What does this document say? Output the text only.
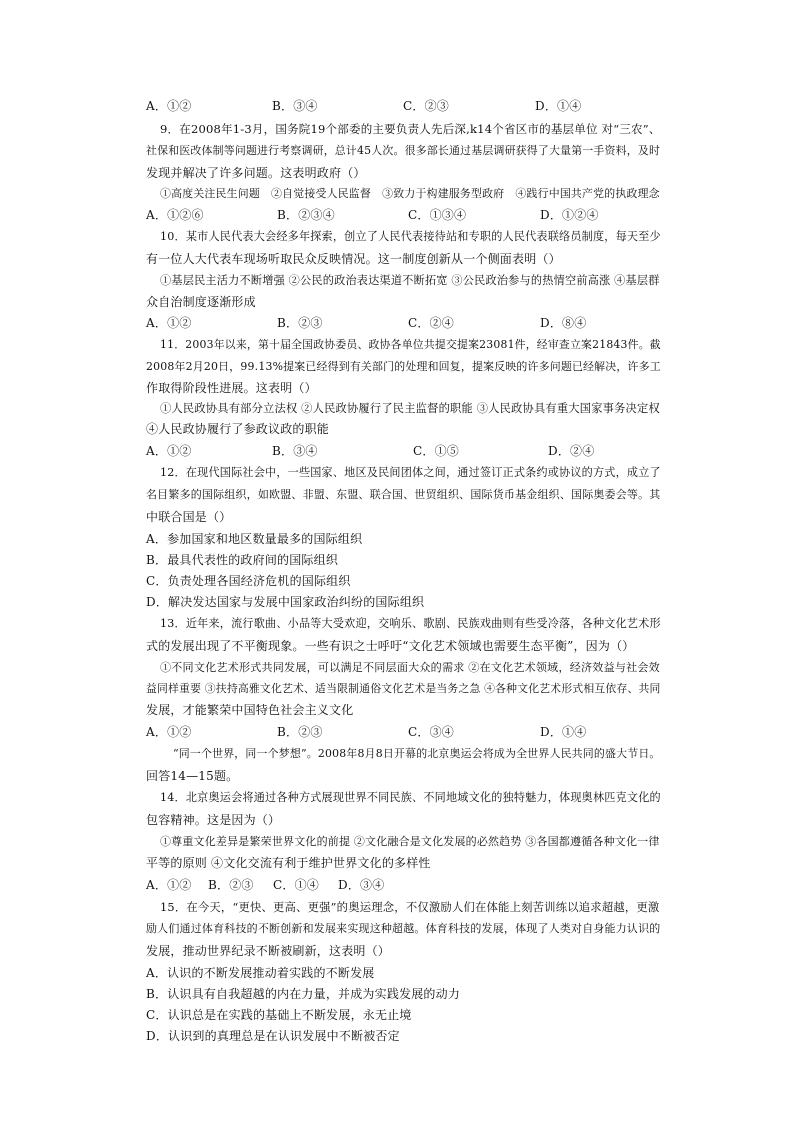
A．①②	B．③④	C．②③	D．①④
9．在2008年1-3月，国务院19个部委的主要负责人先后深,k14个省区市的基层单位 对“三农”、
社保和医改体制等问题进行考察调研，总计45人次。很多部长通过基层调研获得了大量第一手资料，及时
发现并解决了许多问题。这表明政府（）
①高度关注民生问题　②自觉接受人民监督　③致力于构建服务型政府　④践行中国共产党的执政理念
A．①②⑥	B．②③④	C．①③④	D．①②④
10．某市人民代表大会经多年探索，创立了人民代表接待站和专职的人民代表联络员制度，每天至少
有一位人大代表车现场听取民众反映情况。这一制度创新从一个侧面表明（）
①基层民主活力不断增强 ②公民的政治表达渠道不断拓宽 ③公民政治参与的热情空前高涨 ④基层群
众自治制度逐渐形成
A．①②	B．②③	C．②④	D．⑧④
11．2003年以来，第十届全国政协委员、政协各单位共提交提案23081件，经审查立案21843件。截
2008年2月20日，99.13%提案已经得到有关部门的处理和回复，提案反映的许多问题已经解决，许多工
作取得阶段性进展。这表明（）
①人民政协具有部分立法权 ②人民政协履行了民主监督的职能 ③人民政协具有重大国家事务决定权
④人民政协履行了参政议政的职能
A．①②	B．③④	C．①⑤	D．②④
12．在现代国际社会中，一些国家、地区及民间团体之间，通过签订正式条约或协议的方式，成立了
名目繁多的国际组织，如欧盟、非盟、东盟、联合国、世贸组织、国际货币基金组织、国际奥委会等。其
中联合国是（）
A．参加国家和地区数量最多的国际组织
B．最具代表性的政府间的国际组织
C．负责处理各国经济危机的国际组织
D．解决发达国家与发展中国家政治纠纷的国际组织
13．近年来，流行歌曲、小品等大受欢迎，交响乐、歌剧、民族戏曲则有些受冷落，各种文化艺术形
式的发展出现了不平衡现象。一些有识之士呼吁“文化艺术领域也需要生态平衡”，因为（）
①不同文化艺术形式共同发展，可以满足不同层面大众的需求 ②在文化艺术领域，经济效益与社会效
益同样重要 ③扶持高雅文化艺术、适当限制通俗文化艺术是当务之急 ④各种文化艺术形式相互依存、共同
发展，才能繁荣中国特色社会主义文化
A．①②	B．②③	C．③④	D．①④
“同一个世界，同一个梦想”。2008年8月8日开幕的北京奥运会将成为全世界人民共同的盛大节日。
回答14—15题。
14．北京奥运会将通过各种方式展现世界不同民族、不同地域文化的独特魅力，体现奥林匹克文化的
包容精神。这是因为（）
①尊重文化差异是繁荣世界文化的前提 ②文化融合是文化发展的必然趋势 ③各国都遵循各种文化一律
平等的原则 ④文化交流有利于维护世界文化的多样性
A．①② B．②③ C．①④ D．③④
15．在今天，“更快、更高、更强”的奥运理念，不仅激励人们在体能上刻苦训练以追求超越，更激
励人们通过体育科技的不断创新和发展来实现这种超越。体育科技的发展，体现了人类对自身能力认识的
发展，推动世界纪录不断被刷新，这表明（）
A．认识的不断发展推动着实践的不断发展
B．认识具有自我超越的内在力量，并成为实践发展的动力
C．认识总是在实践的基础上不断发展，永无止境
D．认识到的真理总是在认识发展中不断被否定
